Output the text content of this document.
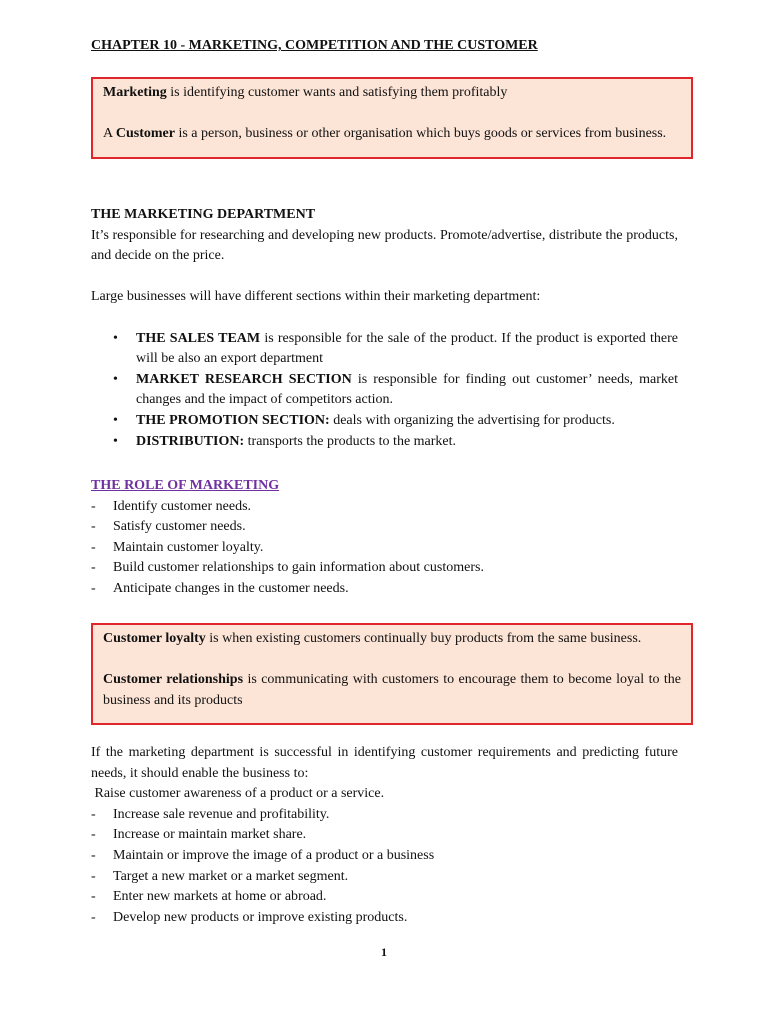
CHAPTER 10 - MARKETING, COMPETITION AND THE CUSTOMER

Marketing is identifying customer wants and satisfying them profitably

A Customer is a person, business or other organisation which buys goods or services from business.

THE MARKETING DEPARTMENT

It’s responsible for researching and developing new products. Promote/advertise, distribute the products, and decide on the price.

Large businesses will have different sections within their marketing department:

• THE SALES TEAM is responsible for the sale of the product. If the product is exported there will be also an export department
• MARKET RESEARCH SECTION is responsible for finding out customer’ needs, market changes and the impact of competitors action.
• THE PROMOTION SECTION: deals with organizing the advertising for products.
• DISTRIBUTION: transports the products to the market.

THE ROLE OF MARKETING

- Identify customer needs.
- Satisfy customer needs.
- Maintain customer loyalty.
- Build customer relationships to gain information about customers.
- Anticipate changes in the customer needs.

Customer loyalty is when existing customers continually buy products from the same business.

Customer relationships is communicating with customers to encourage them to become loyal to the business and its products

If the marketing department is successful in identifying customer requirements and predicting future needs, it should enable the business to:

Raise customer awareness of a product or a service.

- Increase sale revenue and profitability.
- Increase or maintain market share.
- Maintain or improve the image of a product or a business
- Target a new market or a market segment.
- Enter new markets at home or abroad.
- Develop new products or improve existing products.
1
